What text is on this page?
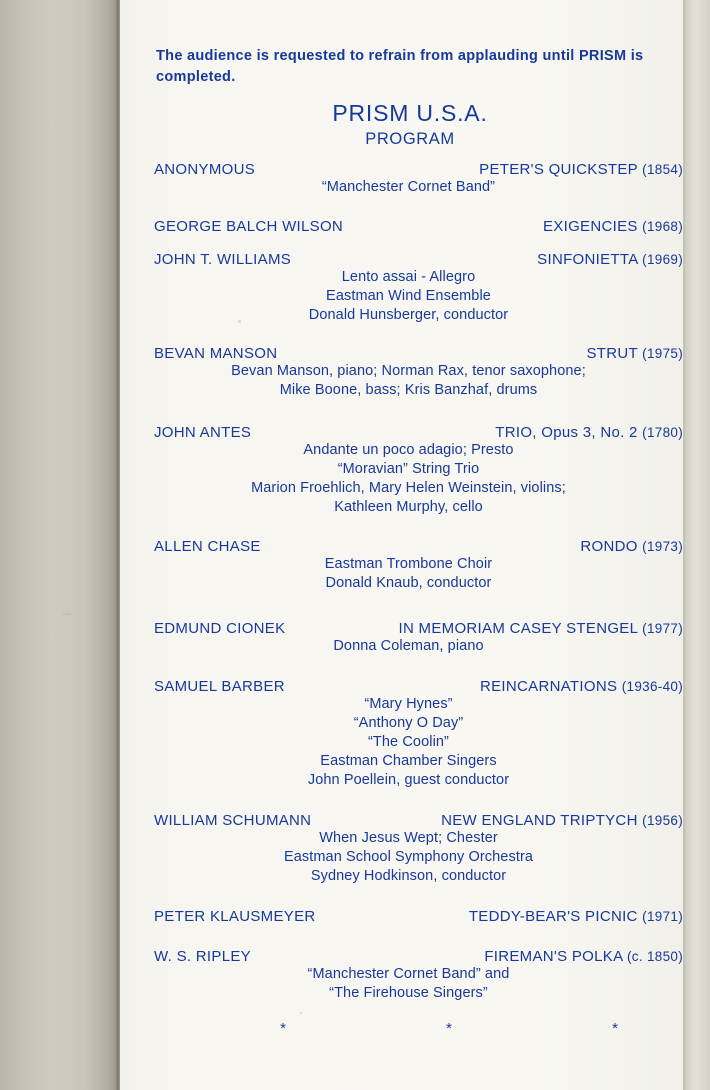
The audience is requested to refrain from applauding until PRISM is completed.
PRISM U.S.A.
PROGRAM
ANONYMOUS	PETER'S QUICKSTEP (1854)
“Manchester Cornet Band”
GEORGE BALCH WILSON	EXIGENCIES (1968)
JOHN T. WILLIAMS	SINFONIETTA (1969)
Lento assai - Allegro
Eastman Wind Ensemble
Donald Hunsberger, conductor
BEVAN MANSON	STRUT (1975)
Bevan Manson, piano; Norman Rax, tenor saxophone;
Mike Boone, bass; Kris Banzhaf, drums
JOHN ANTES	TRIO, Opus 3, No. 2 (1780)
Andante un poco adagio; Presto
“Moravian” String Trio
Marion Froehlich, Mary Helen Weinstein, violins;
Kathleen Murphy, cello
ALLEN CHASE	RONDO (1973)
Eastman Trombone Choir
Donald Knaub, conductor
EDMUND CIONEK	IN MEMORIAM CASEY STENGEL (1977)
Donna Coleman, piano
SAMUEL BARBER	REINCARNATIONS (1936-40)
“Mary Hynes”
“Anthony O Day”
“The Coolin”
Eastman Chamber Singers
John Poellein, guest conductor
WILLIAM SCHUMANN	NEW ENGLAND TRIPTYCH (1956)
When Jesus Wept; Chester
Eastman School Symphony Orchestra
Sydney Hodkinson, conductor
PETER KLAUSMEYER	TEDDY-BEAR'S PICNIC (1971)
W. S. RIPLEY	FIREMAN'S POLKA (c. 1850)
“Manchester Cornet Band” and
“The Firehouse Singers”
* * *
